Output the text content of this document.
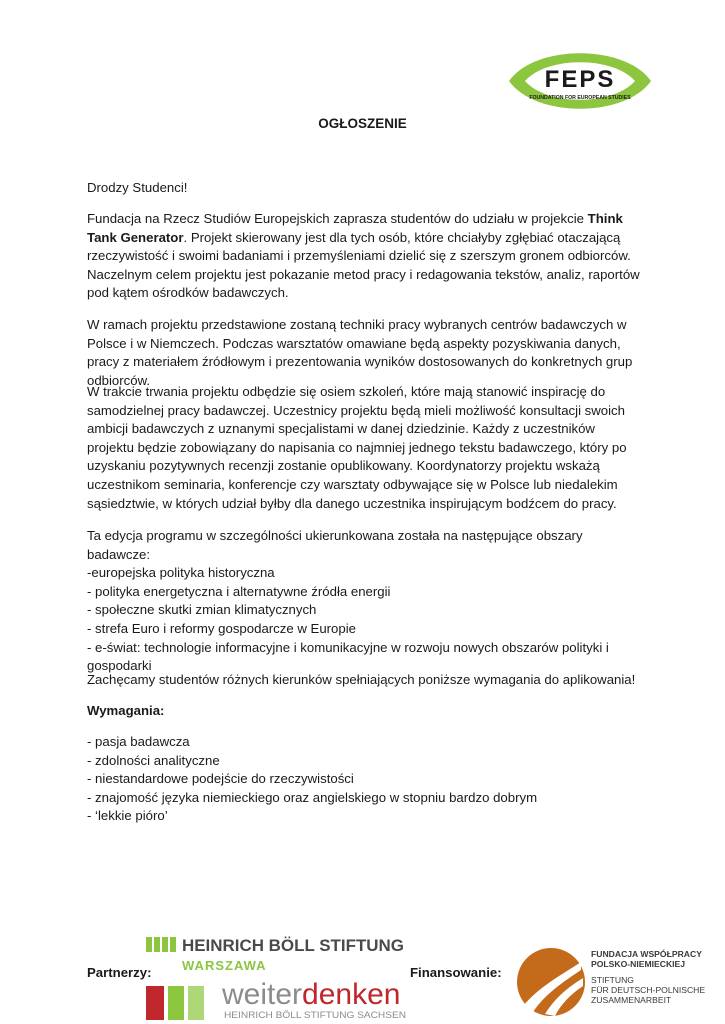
FEPS
FOUNDATION FOR EUROPEAN STUDIES
OGŁOSZENIE
Drodzy Studenci!
Fundacja na Rzecz Studiów Europejskich zaprasza studentów do udziału w projekcie Think Tank Generator. Projekt skierowany jest dla tych osób, które chciałyby zgłębiać otaczającą rzeczywistość i swoimi badaniami i przemyśleniami dzielić się z szerszym gronem odbiorców. Naczelnym celem projektu jest pokazanie metod pracy i redagowania tekstów, analiz, raportów pod kątem ośrodków badawczych.
W ramach projektu przedstawione zostaną techniki pracy wybranych centrów badawczych w Polsce i w Niemczech. Podczas warsztatów omawiane będą aspekty pozyskiwania danych, pracy z materiałem źródłowym i prezentowania wyników dostosowanych do konkretnych grup odbiorców.
W trakcie trwania projektu odbędzie się osiem szkoleń, które mają stanowić inspirację do samodzielnej pracy badawczej. Uczestnicy projektu będą mieli możliwość konsultacji swoich ambicji badawczych z uznanymi specjalistami w danej dziedzinie. Każdy z uczestników projektu będzie zobowiązany do napisania co najmniej jednego tekstu badawczego, który po uzyskaniu pozytywnych recenzji zostanie opublikowany. Koordynatorzy projektu wskażą uczestnikom seminaria, konferencje czy warsztaty odbywające się w Polsce lub niedalekim sąsiedztwie, w których udział byłby dla danego uczestnika inspirującym bodźcem do pracy.
Ta edycja programu w szczególności ukierunkowana została na następujące obszary badawcze:
-europejska polityka historyczna
- polityka energetyczna i alternatywne źródła energii
- społeczne skutki zmian klimatycznych
- strefa Euro i reformy gospodarcze w Europie
- e-świat: technologie informacyjne i komunikacyjne w rozwoju nowych obszarów polityki i gospodarki
Zachęcamy studentów różnych kierunków spełniających poniższe wymagania do aplikowania!
Wymagania:
- pasja badawcza
- zdolności analityczne
- niestandardowe podejście do rzeczywistości
- znajomość języka niemieckiego oraz angielskiego w stopniu bardzo dobrym
- ‘lekkie pióro’
Partnerzy:	Finansowanie:
HEINRICH BÖLL STIFTUNG
WARSZAWA
weiterdenken
HEINRICH BÖLL STIFTUNG SACHSEN
FUNDACJA WSPÓŁPRACY
POLSKO-NIEMIECKIEJ
STIFTUNG
FÜR DEUTSCH-POLNISCHE
ZUSAMMENARBEIT
